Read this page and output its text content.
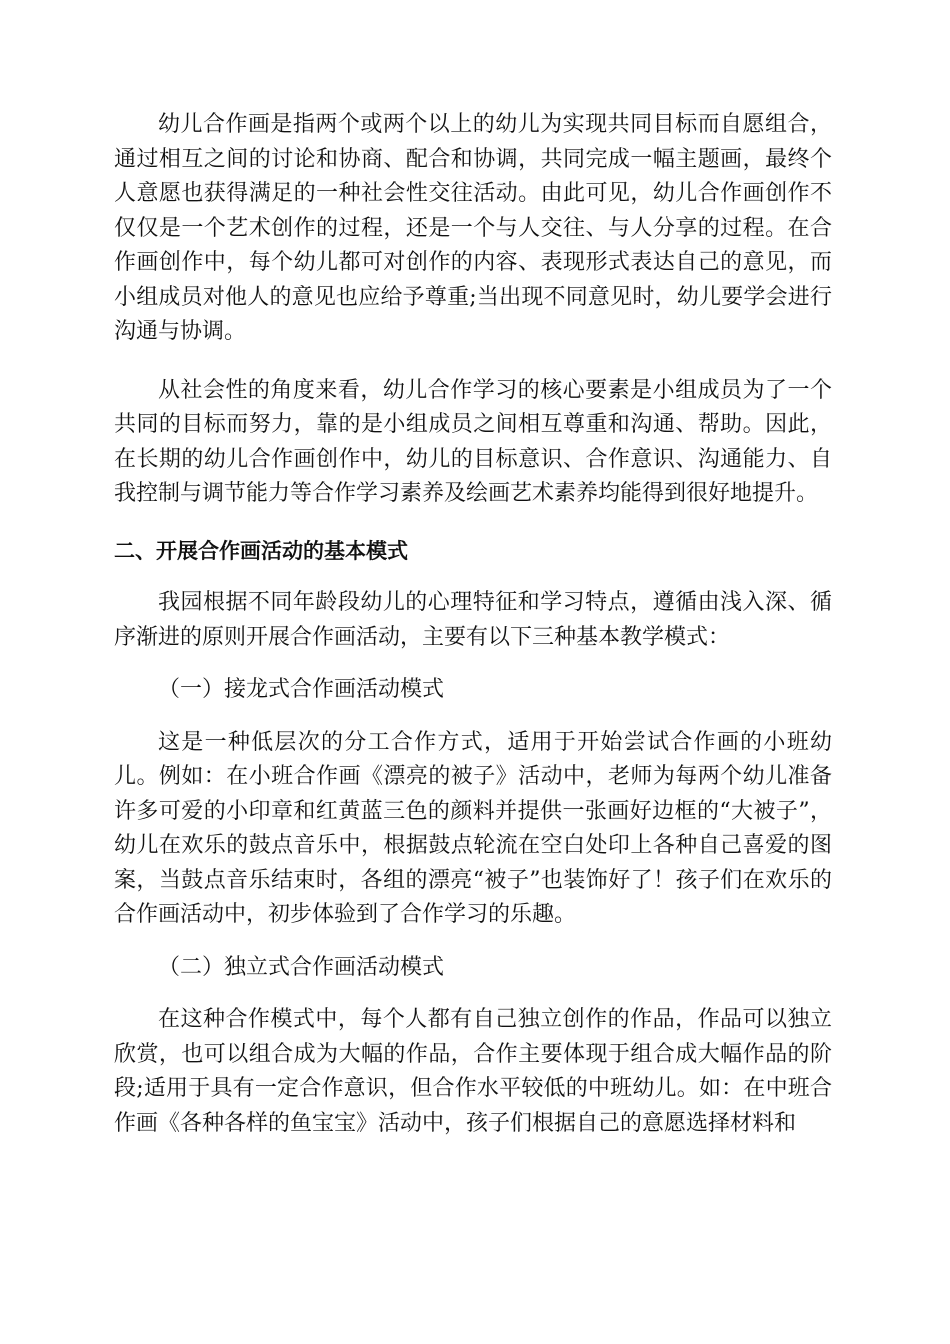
幼儿合作画是指两个或两个以上的幼儿为实现共同目标而自愿组合，通过相互之间的讨论和协商、配合和协调，共同完成一幅主题画，最终个人意愿也获得满足的一种社会性交往活动。由此可见，幼儿合作画创作不仅仅是一个艺术创作的过程，还是一个与人交往、与人分享的过程。在合作画创作中，每个幼儿都可对创作的内容、表现形式表达自己的意见，而小组成员对他人的意见也应给予尊重;当出现不同意见时，幼儿要学会进行沟通与协调。

从社会性的角度来看，幼儿合作学习的核心要素是小组成员为了一个共同的目标而努力，靠的是小组成员之间相互尊重和沟通、帮助。因此，在长期的幼儿合作画创作中，幼儿的目标意识、合作意识、沟通能力、自我控制与调节能力等合作学习素养及绘画艺术素养均能得到很好地提升。

二、开展合作画活动的基本模式

我园根据不同年龄段幼儿的心理特征和学习特点，遵循由浅入深、循序渐进的原则开展合作画活动，主要有以下三种基本教学模式：

（一）接龙式合作画活动模式

这是一种低层次的分工合作方式，适用于开始尝试合作画的小班幼儿。例如：在小班合作画《漂亮的被子》活动中，老师为每两个幼儿准备许多可爱的小印章和红黄蓝三色的颜料并提供一张画好边框的“大被子”，幼儿在欢乐的鼓点音乐中，根据鼓点轮流在空白处印上各种自己喜爱的图案，当鼓点音乐结束时，各组的漂亮“被子”也装饰好了！孩子们在欢乐的合作画活动中，初步体验到了合作学习的乐趣。

（二）独立式合作画活动模式

在这种合作模式中，每个人都有自己独立创作的作品，作品可以独立欣赏，也可以组合成为大幅的作品，合作主要体现于组合成大幅作品的阶段;适用于具有一定合作意识，但合作水平较低的中班幼儿。如：在中班合作画《各种各样的鱼宝宝》活动中，孩子们根据自己的意愿选择材料和
